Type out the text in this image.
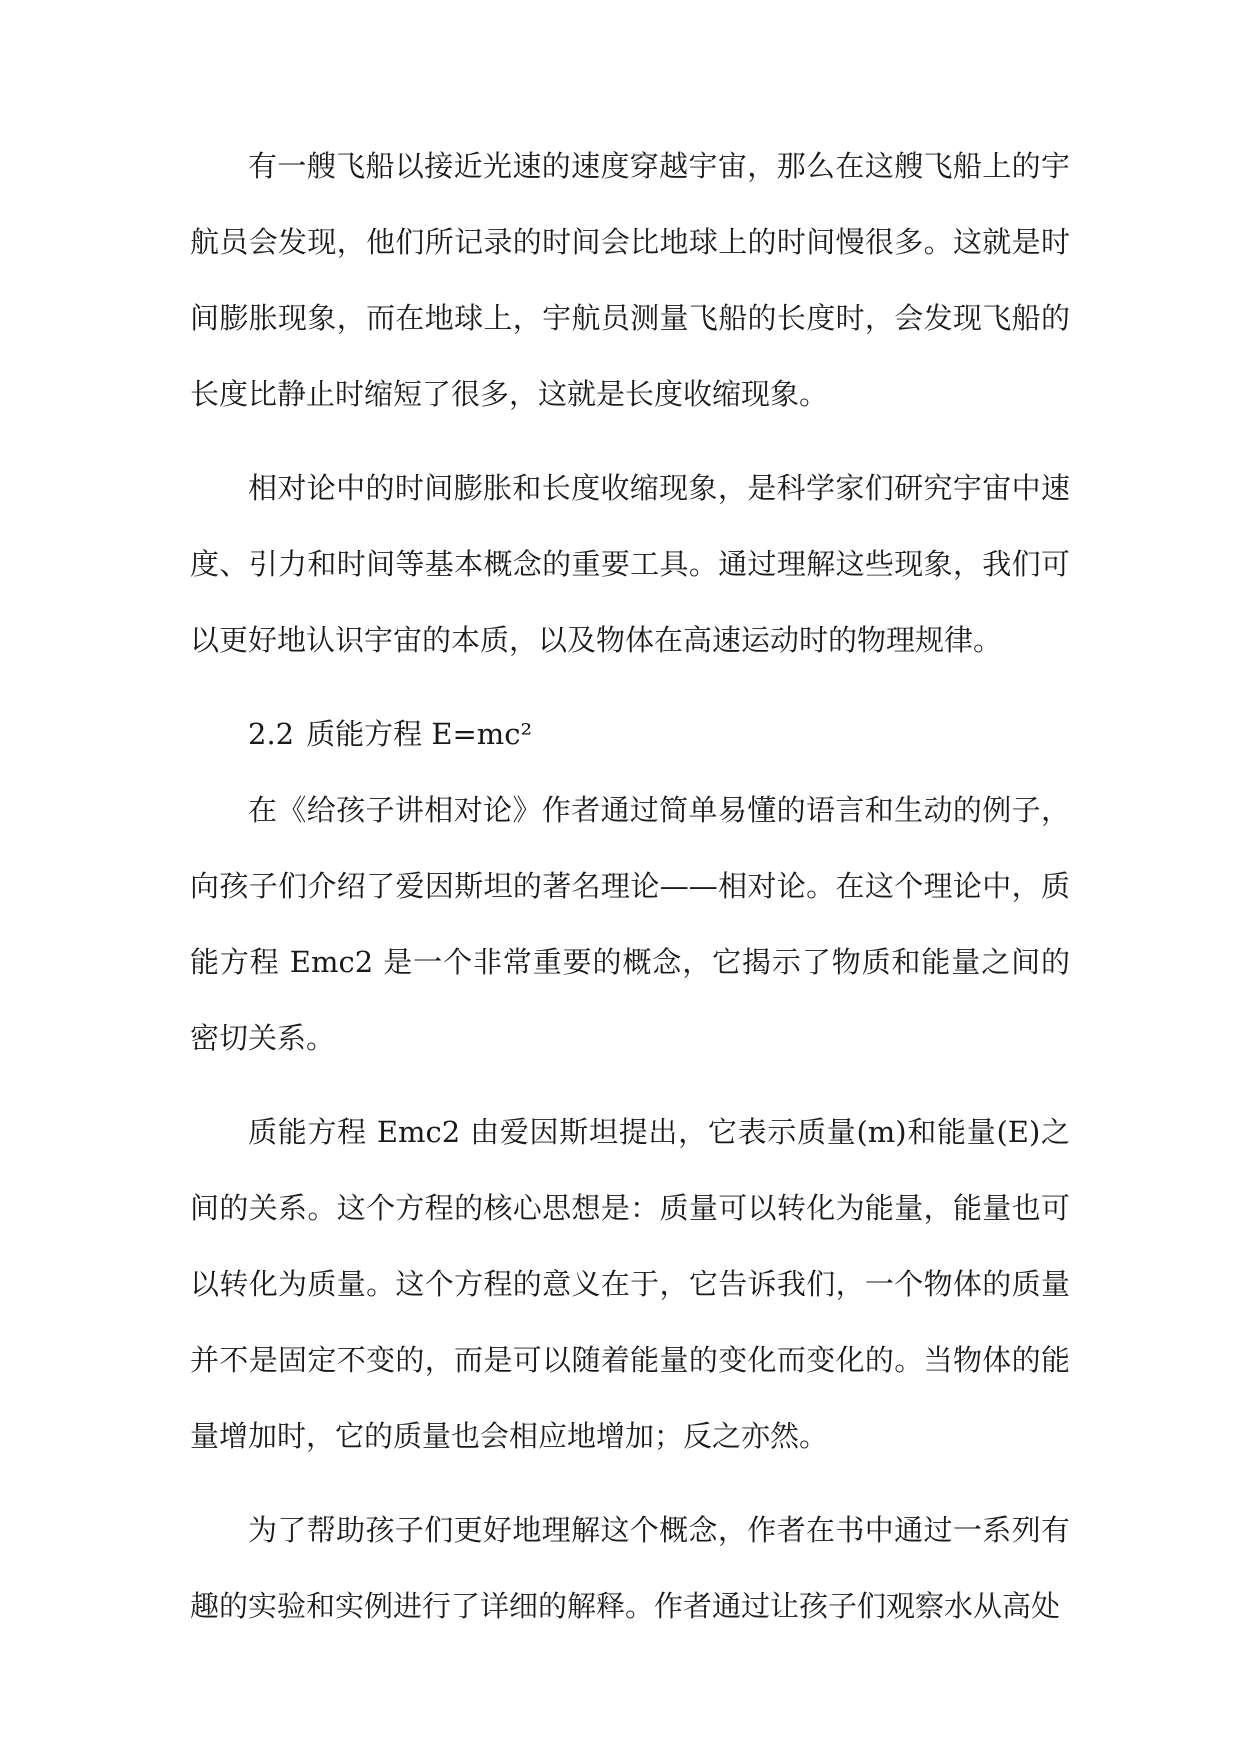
有一艘飞船以接近光速的速度穿越宇宙，那么在这艘飞船上的宇航员会发现，他们所记录的时间会比地球上的时间慢很多。这就是时间膨胀现象，而在地球上，宇航员测量飞船的长度时，会发现飞船的长度比静止时缩短了很多，这就是长度收缩现象。

相对论中的时间膨胀和长度收缩现象，是科学家们研究宇宙中速度、引力和时间等基本概念的重要工具。通过理解这些现象，我们可以更好地认识宇宙的本质，以及物体在高速运动时的物理规律。

2.2 质能方程 E=mc²

在《给孩子讲相对论》作者通过简单易懂的语言和生动的例子，向孩子们介绍了爱因斯坦的著名理论——相对论。在这个理论中，质能方程 Emc2 是一个非常重要的概念，它揭示了物质和能量之间的密切关系。

质能方程 Emc2 由爱因斯坦提出，它表示质量(m)和能量(E)之间的关系。这个方程的核心思想是：质量可以转化为能量，能量也可以转化为质量。这个方程的意义在于，它告诉我们，一个物体的质量并不是固定不变的，而是可以随着能量的变化而变化的。当物体的能量增加时，它的质量也会相应地增加；反之亦然。

为了帮助孩子们更好地理解这个概念，作者在书中通过一系列有趣的实验和实例进行了详细的解释。作者通过让孩子们观察水从高处
